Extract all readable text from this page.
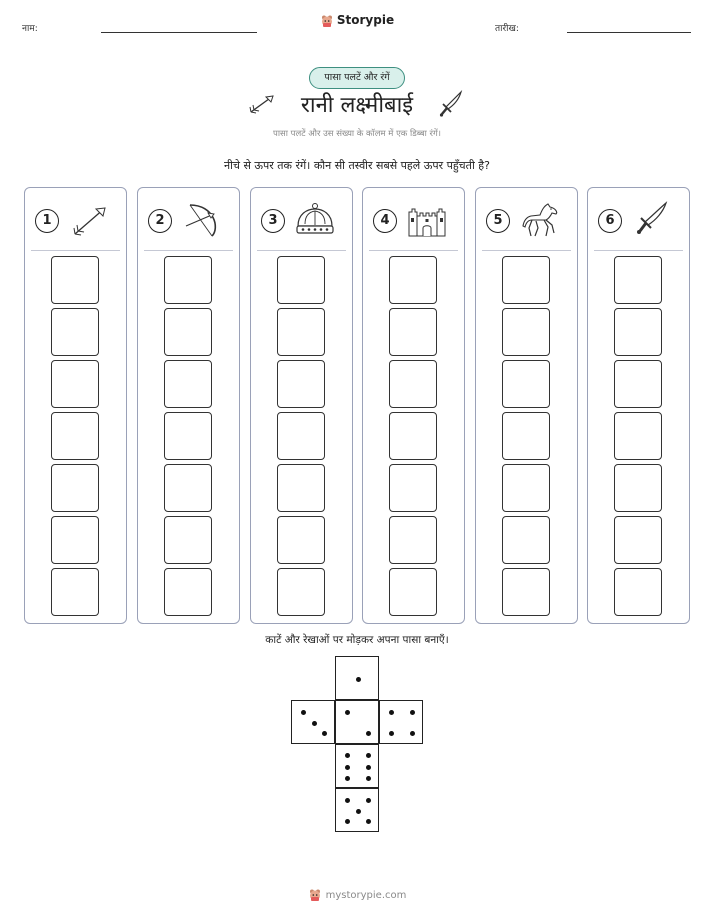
नाम:
Storypie
तारीख:
पासा पलटें और रंगें
रानी लक्ष्मीबाई
पासा पलटें और उस संख्या के कॉलम में एक डिब्बा रंगें।
नीचे से ऊपर तक रंगें। कौन सी तस्वीर सबसे पहले ऊपर पहुँचती है?
1	2	3	4	5	6
काटें और रेखाओं पर मोड़कर अपना पासा बनाएँ।
mystorypie.com
